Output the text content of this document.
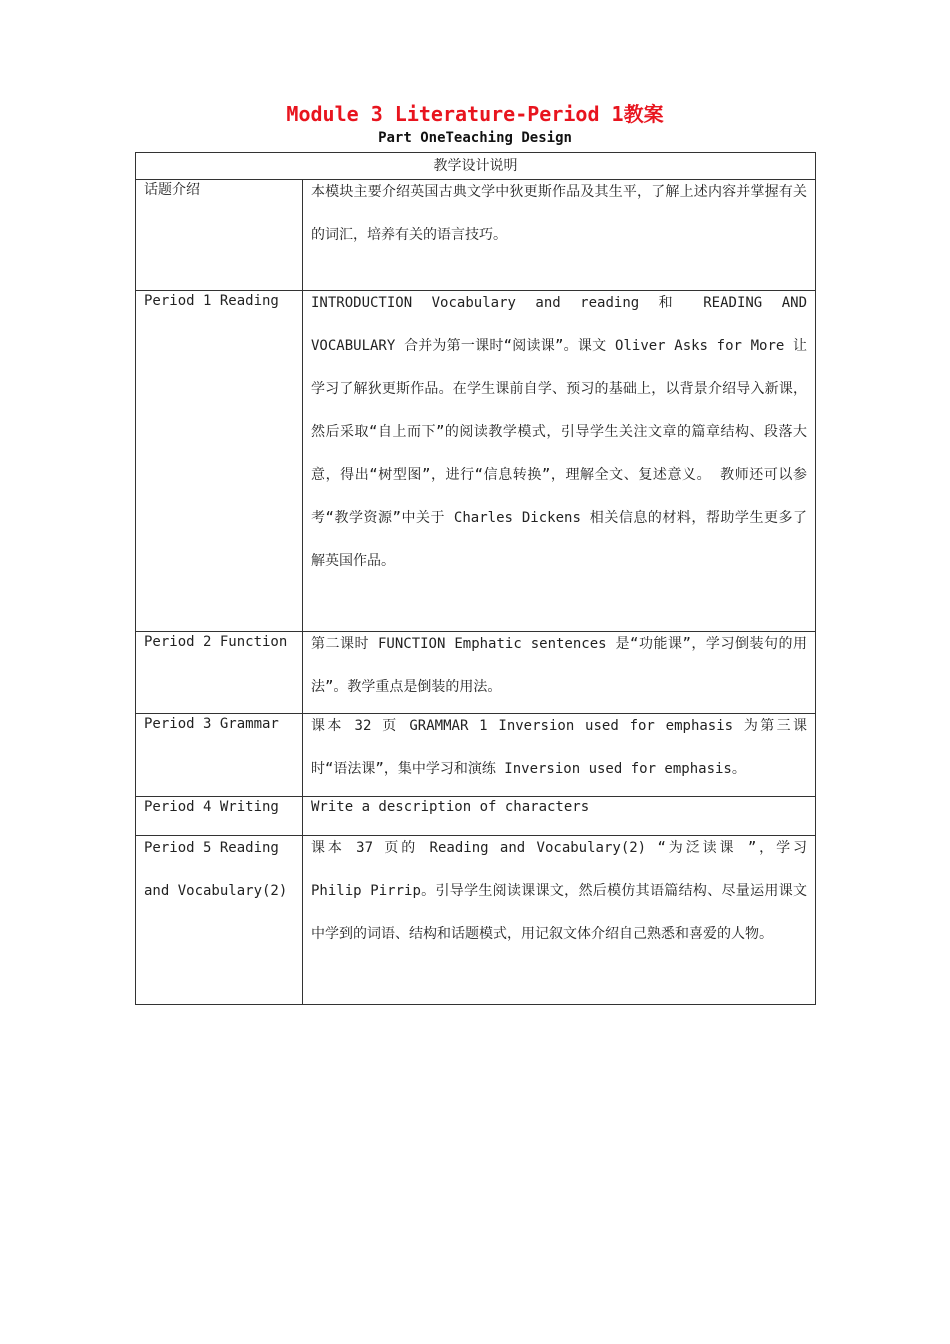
Module 3 Literature-Period 1教案
Part OneTeaching Design
教学设计说明	

话题介绍	本模块主要介绍英国古典文学中狄更斯作品及其生平，了解上述内容并掌握有关的词汇，培养有关的语言技巧。

Period 1 Reading	INTRODUCTION Vocabulary and reading 和 READING AND VOCABULARY 合并为第一课时“阅读课”。课文 Oliver Asks for More 让学习了解狄更斯作品。在学生课前自学、预习的基础上，以背景介绍导入新课，然后采取“自上而下”的阅读教学模式，引导学生关注文章的篇章结构、段落大意，得出“树型图”，进行“信息转换”，理解全文、复述意义。 教师还可以参考“教学资源”中关于 Charles Dickens 相关信息的材料，帮助学生更多了解英国作品。

Period 2 Function	第二课时 FUNCTION Emphatic sentences 是“功能课”，学习倒装句的用法”。教学重点是倒装的用法。

Period 3 Grammar	课本 32 页 GRAMMAR 1 Inversion used for emphasis 为第三课时“语法课”，集中学习和演练 Inversion used for emphasis。

Period 4 Writing	Write a description of characters

Period 5 Reading and Vocabulary(2)	课本 37 页的 Reading and Vocabulary(2) “为泛读课 ”，学习 Philip Pirrip。引导学生阅读课课文，然后模仿其语篇结构、尽量运用课文中学到的词语、结构和话题模式，用记叙文体介绍自己熟悉和喜爱的人物。
